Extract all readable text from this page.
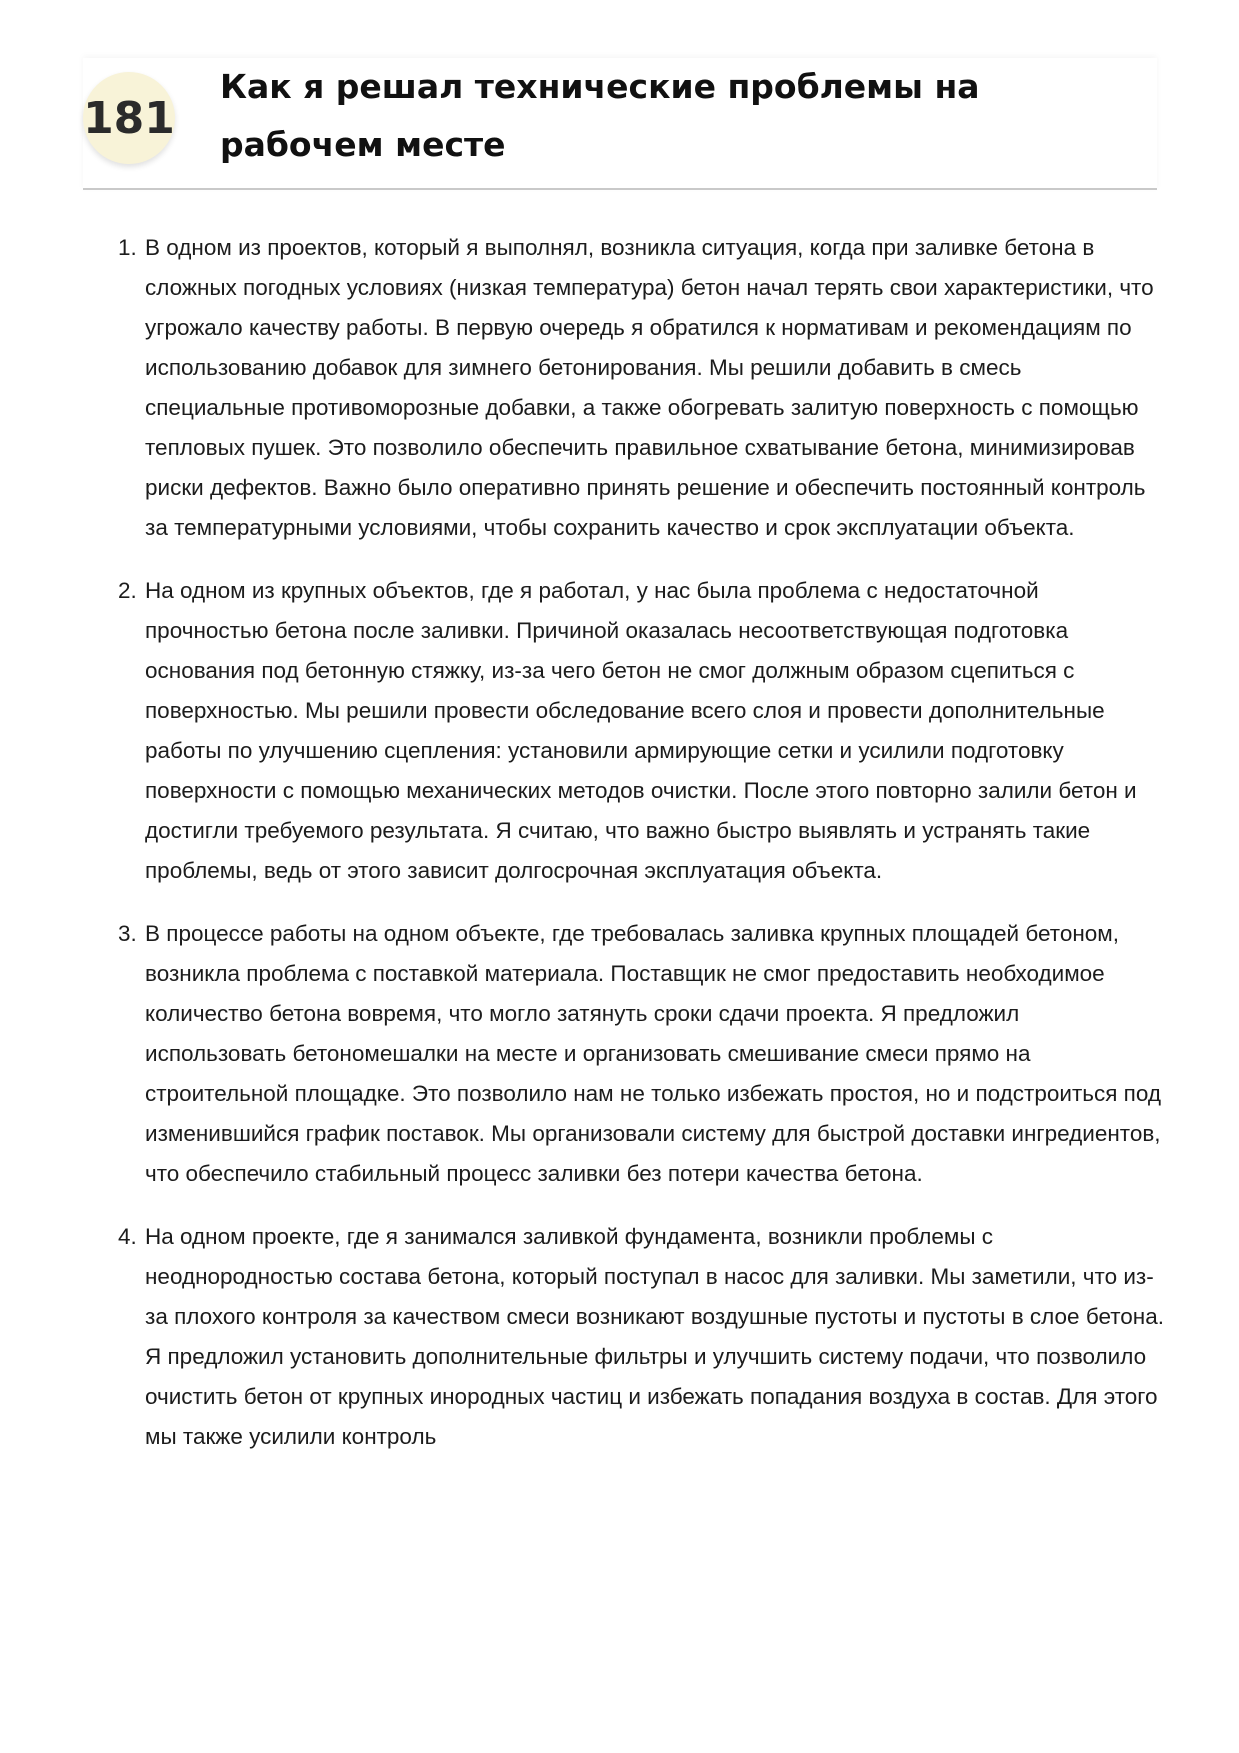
181
Как я решал технические проблемы на рабочем месте
1. В одном из проектов, который я выполнял, возникла ситуация, когда при заливке бетона в сложных погодных условиях (низкая температура) бетон начал терять свои характеристики, что угрожало качеству работы. В первую очередь я обратился к нормативам и рекомендациям по использованию добавок для зимнего бетонирования. Мы решили добавить в смесь специальные противоморозные добавки, а также обогревать залитую поверхность с помощью тепловых пушек. Это позволило обеспечить правильное схватывание бетона, минимизировав риски дефектов. Важно было оперативно принять решение и обеспечить постоянный контроль за температурными условиями, чтобы сохранить качество и срок эксплуатации объекта.
2. На одном из крупных объектов, где я работал, у нас была проблема с недостаточной прочностью бетона после заливки. Причиной оказалась несоответствующая подготовка основания под бетонную стяжку, из-за чего бетон не смог должным образом сцепиться с поверхностью. Мы решили провести обследование всего слоя и провести дополнительные работы по улучшению сцепления: установили армирующие сетки и усилили подготовку поверхности с помощью механических методов очистки. После этого повторно залили бетон и достигли требуемого результата. Я считаю, что важно быстро выявлять и устранять такие проблемы, ведь от этого зависит долгосрочная эксплуатация объекта.
3. В процессе работы на одном объекте, где требовалась заливка крупных площадей бетоном, возникла проблема с поставкой материала. Поставщик не смог предоставить необходимое количество бетона вовремя, что могло затянуть сроки сдачи проекта. Я предложил использовать бетономешалки на месте и организовать смешивание смеси прямо на строительной площадке. Это позволило нам не только избежать простоя, но и подстроиться под изменившийся график поставок. Мы организовали систему для быстрой доставки ингредиентов, что обеспечило стабильный процесс заливки без потери качества бетона.
4. На одном проекте, где я занимался заливкой фундамента, возникли проблемы с неоднородностью состава бетона, который поступал в насос для заливки. Мы заметили, что из-за плохого контроля за качеством смеси возникают воздушные пустоты и пустоты в слое бетона. Я предложил установить дополнительные фильтры и улучшить систему подачи, что позволило очистить бетон от крупных инородных частиц и избежать попадания воздуха в состав. Для этого мы также усилили контроль
